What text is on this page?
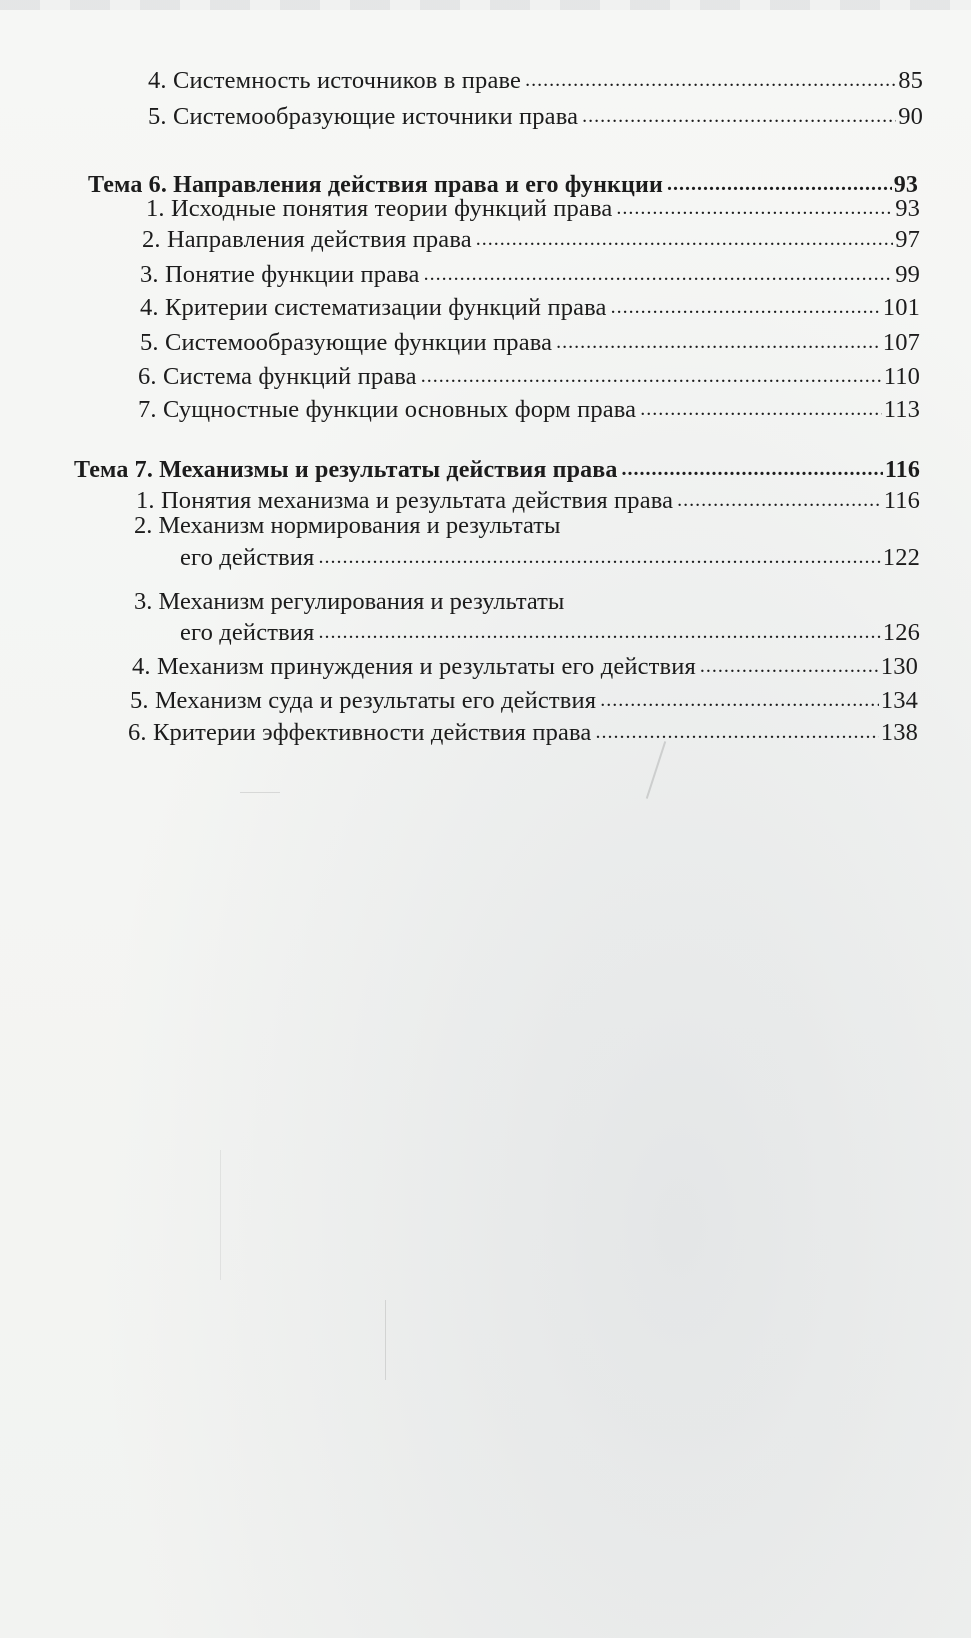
4. Системность источников в праве .....	85
5. Системообразующие источники права .....	90
Тема 6. Направления действия права и его функции .....	93
1. Исходные понятия теории функций права .....	93
2. Направления действия права .....	97
3. Понятие функции права .....	99
4. Критерии систематизации функций права .....	101
5. Системообразующие функции права .....	107
6. Система функций права .....	110
7. Сущностные функции основных форм права .....	113
Тема 7. Механизмы и результаты действия права .....	116
1. Понятия механизма и результата действия права .....	116
2. Механизм нормирования и результаты
его действия .....	122
3. Механизм регулирования и результаты
его действия .....	126
4. Механизм принуждения и результаты его действия .....	130
5. Механизм суда и результаты его действия .....	134
6. Критерии эффективности действия права .....	138
